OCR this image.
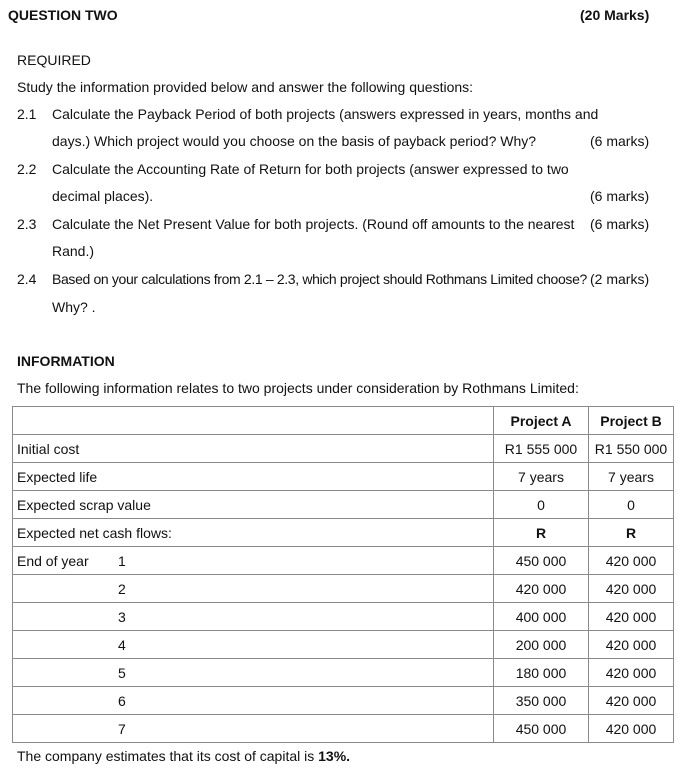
QUESTION TWO	(20 Marks)
REQUIRED
Study the information provided below and answer the following questions:
2.1 Calculate the Payback Period of both projects (answers expressed in years, months and
days.) Which project would you choose on the basis of payback period? Why?	(6 marks)
2.2 Calculate the Accounting Rate of Return for both projects (answer expressed to two
decimal places).	(6 marks)
2.3 Calculate the Net Present Value for both projects. (Round off amounts to the nearest
Rand.)
(6 marks)
2.4 Based on your calculations from 2.1 – 2.3, which project should Rothmans Limited choose?
Why? .
(2 marks)
INFORMATION
The following information relates to two projects under consideration by Rothmans Limited:
	Project A	Project B
Initial cost	R1 555 000	R1 550 000
Expected life	7 years	7 years
Expected scrap value	0	0
Expected net cash flows:	R	R
End of year 1	450 000	420 000

2	420 000	420 000

3	400 000	420 000

4	200 000	420 000

5	180 000	420 000

6	350 000	420 000

7	450 000	420 000
The company estimates that its cost of capital is 13%.
